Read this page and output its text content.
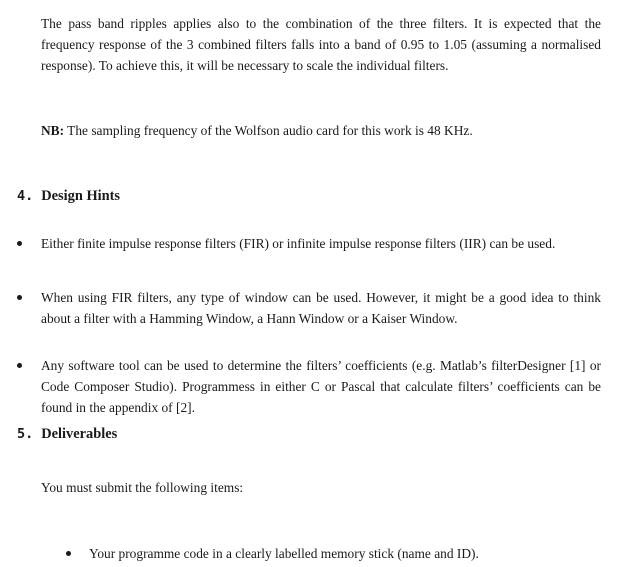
The pass band ripples applies also to the combination of the three filters. It is expected that the frequency response of the 3 combined filters falls into a band of 0.95 to 1.05 (assuming a normalised response). To achieve this, it will be necessary to scale the individual filters.
NB: The sampling frequency of the Wolfson audio card for this work is 48 KHz.
4. Design Hints
Either finite impulse response filters (FIR) or infinite impulse response filters (IIR) can be used.
When using FIR filters, any type of window can be used. However, it might be a good idea to think about a filter with a Hamming Window, a Hann Window or a Kaiser Window.
Any software tool can be used to determine the filters’ coefficients (e.g. Matlab’s filterDesigner [1] or Code Composer Studio). Programmess in either C or Pascal that calculate filters’ coefficients can be found in the appendix of [2].
5. Deliverables
You must submit the following items:
Your programme code in a clearly labelled memory stick (name and ID).
